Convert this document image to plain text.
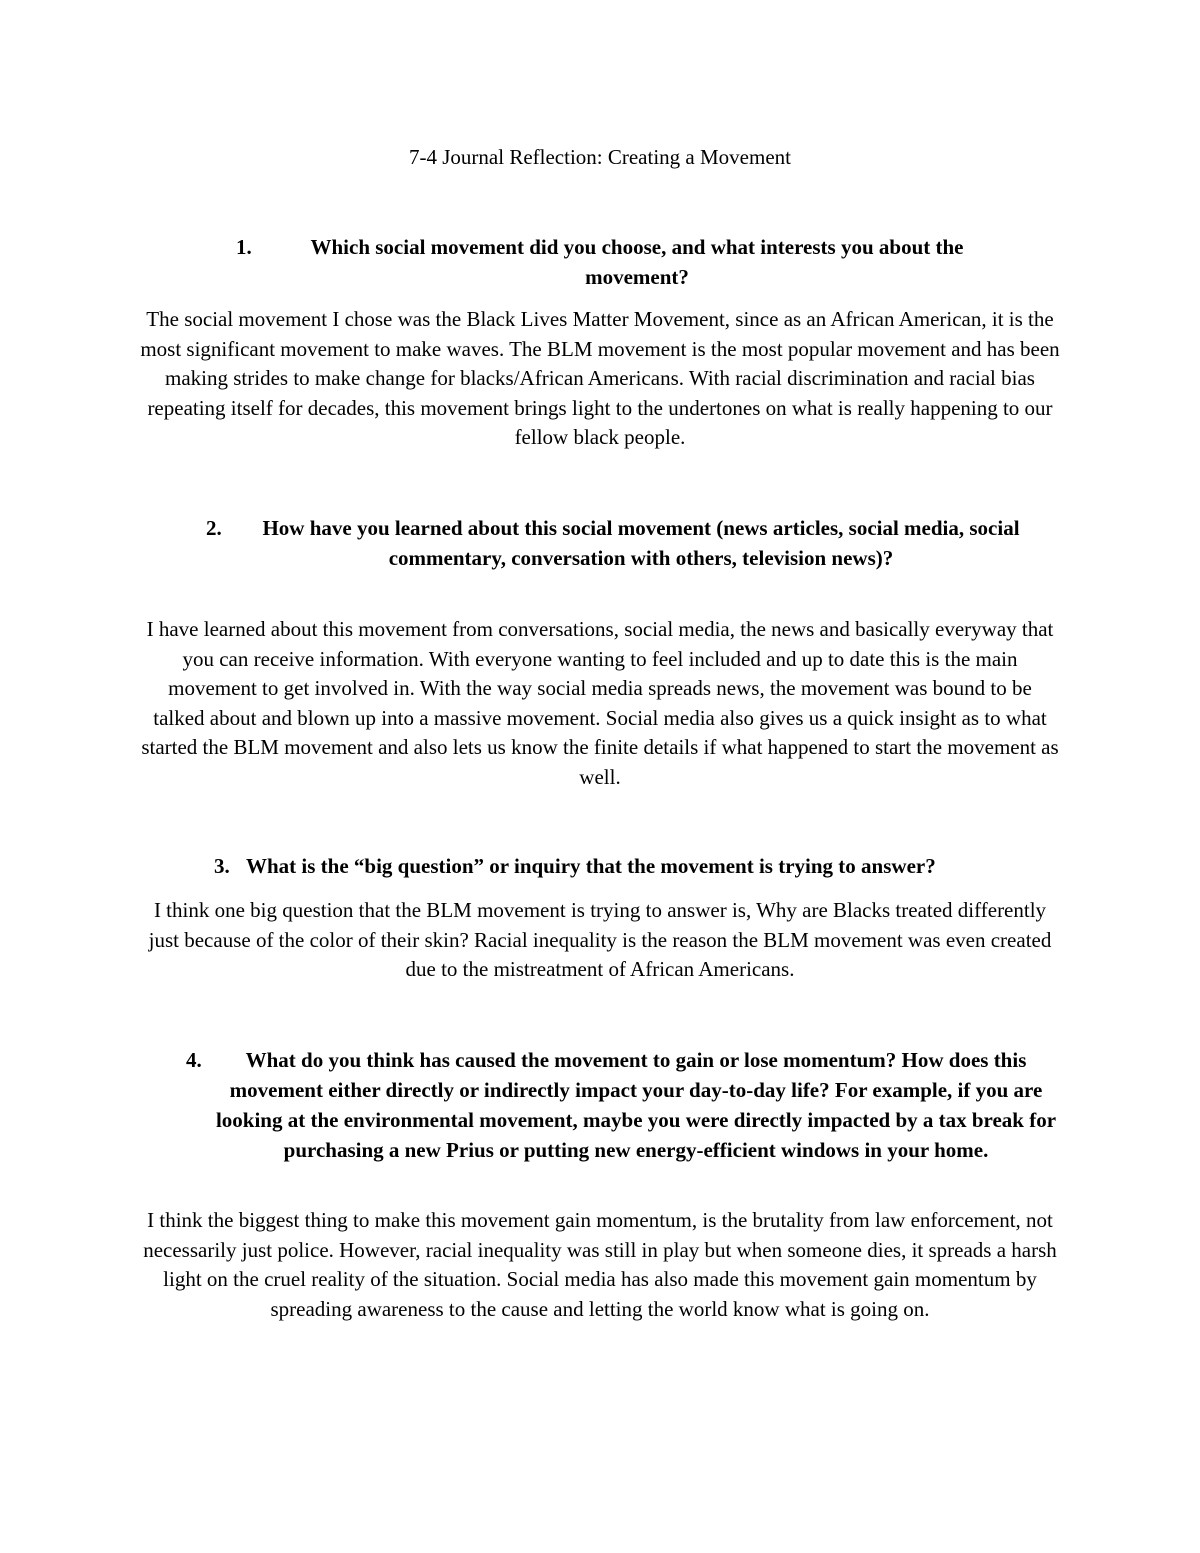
7-4 Journal Reflection: Creating a Movement
1.	Which social movement did you choose, and what interests you about the movement?
The social movement I chose was the Black Lives Matter Movement, since as an African American, it is the most significant movement to make waves. The BLM movement is the most popular movement and has been making strides to make change for blacks/African Americans. With racial discrimination and racial bias repeating itself for decades, this movement brings light to the undertones on what is really happening to our fellow black people.
2.	How have you learned about this social movement (news articles, social media, social commentary, conversation with others, television news)?
I have learned about this movement from conversations, social media, the news and basically everyway that you can receive information. With everyone wanting to feel included and up to date this is the main movement to get involved in. With the way social media spreads news, the movement was bound to be talked about and blown up into a massive movement. Social media also gives us a quick insight as to what started the BLM movement and also lets us know the finite details if what happened to start the movement as well.
3. What is the “big question” or inquiry that the movement is trying to answer?
I think one big question that the BLM movement is trying to answer is, Why are Blacks treated differently just because of the color of their skin? Racial inequality is the reason the BLM movement was even created due to the mistreatment of African Americans.
4.	What do you think has caused the movement to gain or lose momentum? How does this movement either directly or indirectly impact your day-to-day life? For example, if you are looking at the environmental movement, maybe you were directly impacted by a tax break for purchasing a new Prius or putting new energy-efficient windows in your home.
I think the biggest thing to make this movement gain momentum, is the brutality from law enforcement, not necessarily just police. However, racial inequality was still in play but when someone dies, it spreads a harsh light on the cruel reality of the situation. Social media has also made this movement gain momentum by spreading awareness to the cause and letting the world know what is going on.
